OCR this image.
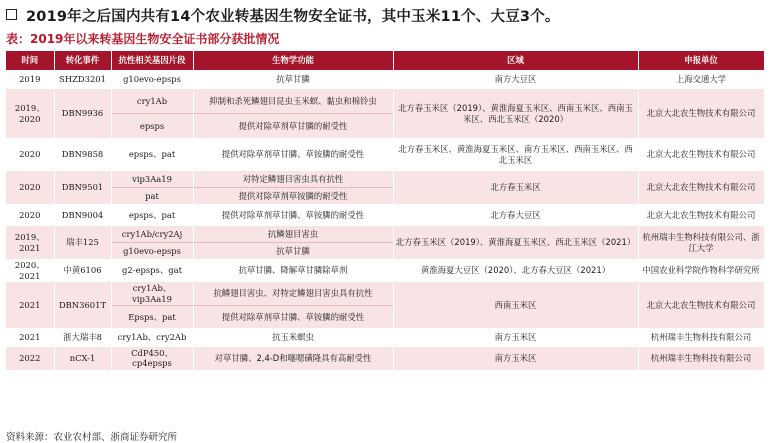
2019年之后国内共有14个农业转基因生物安全证书，其中玉米11个、大豆3个。
表：2019年以来转基因生物安全证书部分获批情况
时间	转化事件	抗性相关基因片段	生物学功能	区域	申报单位
2019	SHZD3201	g10evo-epsps	抗草甘膦	南方大豆区	上海交通大学
2019、2020	DBN9936	cry1Ab	抑制和杀死鳞翅目昆虫玉米螟、黏虫和棉铃虫	北方春玉米区（2019）、黄淮海夏玉米区、西南玉米区、西南玉米区、西北玉米区（2020）	北京大北农生物技术有限公司
		epsps	提供对除草剂草甘膦的耐受性		
2020	DBN9858	epsps、pat	提供对除草剂草甘膦、草铵膦的耐受性	北方春玉米区、黄淮海夏玉米区、南方玉米区、西南玉米区、西北玉米区	北京大北农生物技术有限公司
2020	DBN9501	vip3Aa19	对特定鳞翅目害虫具有抗性	北方春玉米区	北京大北农生物技术有限公司
		pat	提供对除草剂草铵膦的耐受性		
2020	DBN9004	epsps、pat	提供对除草剂草甘膦、草铵膦的耐受性	北方春大豆区	北京大北农生物技术有限公司
2019、2021	瑞丰125	cry1Ab/cry2Aj	抗鳞翅目害虫	北方春玉米区（2019）、黄淮海夏玉米区、西北玉米区（2021）	杭州瑞丰生物科技有限公司、浙江大学
		g10evo-epsps	抗草甘膦		
2020、2021	中黄6106	g2-epsps、gat	抗草甘膦、降解草甘膦除草剂	黄淮海夏大豆区（2020）、北方春大豆区（2021）	中国农业科学院作物科学研究所
2021	DBN3601T	cry1Ab、vip3Aa19	抗鳞翅目害虫、对特定鳞翅目害虫具有抗性	西南玉米区	北京大北农生物技术有限公司
		Epsps、pat	提供对除草剂草甘膦、草铵膦的耐受性		
2021	浙大瑞丰8	cry1Ab、cry2Ab	抗玉米螟虫	南方玉米区	杭州瑞丰生物科技有限公司
2022	nCX-1	CdP450、cp4epsps	对草甘膦、2,4-D和噻嗯磺隆具有高耐受性	南方玉米区	杭州瑞丰生物科技有限公司
资料来源：农业农村部、浙商证券研究所
